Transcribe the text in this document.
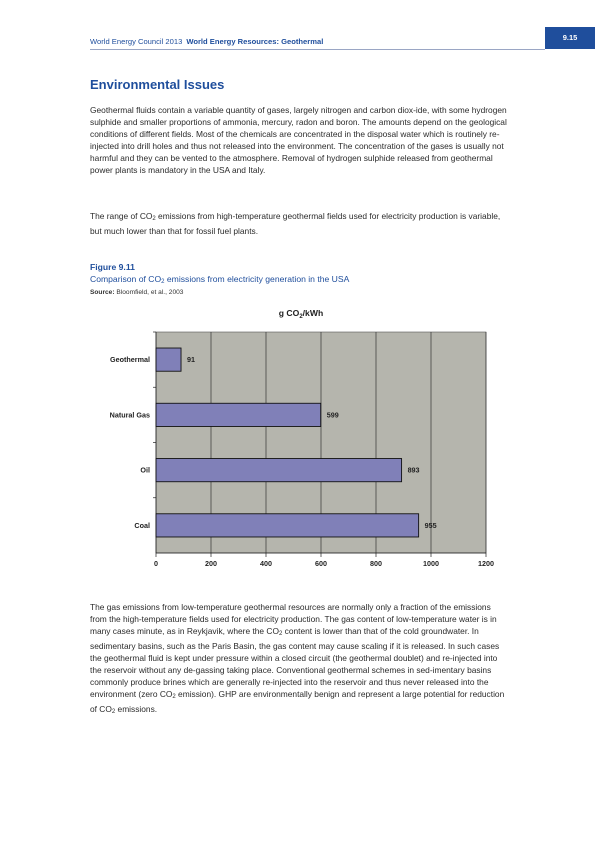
World Energy Council 2013 World Energy Resources: Geothermal	9.15
Environmental Issues

Geothermal fluids contain a variable quantity of gases, largely nitrogen and carbon diox-ide, with some hydrogen sulphide and smaller proportions of ammonia, mercury, radon and boron. The amounts depend on the geological conditions of different fields. Most of the chemicals are concentrated in the disposal water which is routinely re-injected into drill holes and thus not released into the environment. The concentration of the gases is usually not harmful and they can be vented to the atmosphere. Removal of hydrogen sulphide released from geothermal power plants is mandatory in the USA and Italy.

The range of $CO_2$ emissions from high-temperature geothermal fields used for electricity production is variable, but much lower than that for fossil fuel plants.

Figure 9.11
Comparison of $CO_2$ emissions from electricity generation in the USA
Source: Bloomfield, et al., 2003
g $CO_2$/kWh
0	200	400	600	800	1000	1200
Geothermal	91
Natural Gas	599
Oil	893
Coal	955

The gas emissions from low-temperature geothermal resources are normally only a fraction of the emissions from the high-temperature fields used for electricity production. The gas content of low-temperature water is in many cases minute, as in Reykjavik, where the $CO_2$ content is lower than that of the cold groundwater. In sedimentary basins, such as the Paris Basin, the gas content may cause scaling if it is released. In such cases the geothermal fluid is kept under pressure within a closed circuit (the geothermal doublet) and re-injected into the reservoir without any de-gassing taking place. Conventional geothermal schemes in sed-imentary basins commonly produce brines which are generally re-injected into the reservoir and thus never released into the environment (zero $CO_2$ emission). GHP are environmentally benign and represent a large potential for reduction of $CO_2$ emissions.
